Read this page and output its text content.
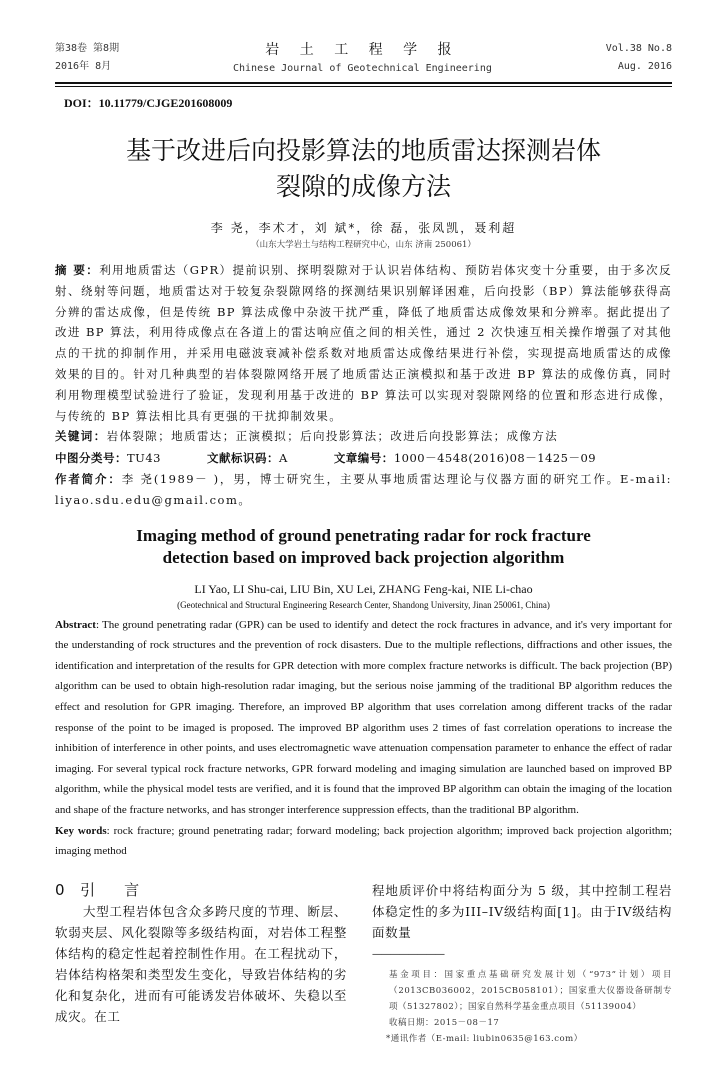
第38卷 第8期
2016年 8月
岩 土 工 程 学 报
Chinese Journal of Geotechnical Engineering
Vol.38 No.8
Aug. 2016
DOI：10.11779/CJGE201608009
基于改进后向投影算法的地质雷达探测岩体裂隙的成像方法
李 尧，李术才，刘 斌*，徐 磊，张凤凯，聂利超
（山东大学岩土与结构工程研究中心，山东 济南 250061）
摘 要：利用地质雷达（GPR）提前识别、探明裂隙对于认识岩体结构、预防岩体灾变十分重要，由于多次反射、绕射等问题，地质雷达对于较复杂裂隙网络的探测结果识别解译困难，后向投影（BP）算法能够获得高分辨的雷达成像，但是传统 BP 算法成像中杂波干扰严重，降低了地质雷达成像效果和分辨率。据此提出了改进 BP 算法，利用待成像点在各道上的雷达响应值之间的相关性，通过 2 次快速互相关操作增强了对其他点的干扰的抑制作用，并采用电磁波衰减补偿系数对地质雷达成像结果进行补偿，实现提高地质雷达的成像效果的目的。针对几种典型的岩体裂隙网络开展了地质雷达正演模拟和基于改进 BP 算法的成像仿真，同时利用物理模型试验进行了验证，发现利用基于改进的 BP 算法可以实现对裂隙网络的位置和形态进行成像，与传统的 BP 算法相比具有更强的干扰抑制效果。
关键词：岩体裂隙；地质雷达；正演模拟；后向投影算法；改进后向投影算法；成像方法
中图分类号：TU43	文献标识码：A	文章编号：1000－4548(2016)08－1425－09
作者简介：李 尧(1989－ )，男，博士研究生，主要从事地质雷达理论与仪器方面的研究工作。E-mail: liyao.sdu.edu@gmail.com。
Imaging method of ground penetrating radar for rock fracture detection based on improved back projection algorithm
LI Yao, LI Shu-cai, LIU Bin, XU Lei, ZHANG Feng-kai, NIE Li-chao
(Geotechnical and Structural Engineering Research Center, Shandong University, Jinan 250061, China)
Abstract: The ground penetrating radar (GPR) can be used to identify and detect the rock fractures in advance, and it's very important for the understanding of rock structures and the prevention of rock disasters. Due to the multiple reflections, diffractions and other issues, the identification and interpretation of the results for GPR detection with more complex fracture networks is difficult. The back projection (BP) algorithm can be used to obtain high-resolution radar imaging, but the serious noise jamming of the traditional BP algorithm reduces the effect and resolution for GPR imaging. Therefore, an improved BP algorithm that uses correlation among different tracks of the radar response of the point to be imaged is proposed. The improved BP algorithm uses 2 times of fast correlation operations to increase the inhibition of interference in other points, and uses electromagnetic wave attenuation compensation parameter to enhance the effect of radar imaging. For several typical rock fracture networks, GPR forward modeling and imaging simulation are launched based on improved BP algorithm, while the physical model tests are verified, and it is found that the improved BP algorithm can obtain the imaging of the location and shape of the fracture networks, and has stronger interference suppression effects, than the traditional BP algorithm.
Key words: rock fracture; ground penetrating radar; forward modeling; back projection algorithm; improved back projection algorithm; imaging method
0  引    言
大型工程岩体包含众多跨尺度的节理、断层、软弱夹层、风化裂隙等多级结构面，对岩体工程整体结构的稳定性起着控制性作用。在工程扰动下，岩体结构格架和类型发生变化，导致岩体结构的劣化和复杂化，进而有可能诱发岩体破坏、失稳以至成灾。在工
程地质评价中将结构面分为 5 级，其中控制工程岩体稳定性的多为III–IV级结构面[1]。由于IV级结构面数量
————————
基金项目：国家重点基础研究发展计划（“973”计划）项目（2013CB036002，2015CB058101）；国家重大仪器设备研制专项（51327802）；国家自然科学基金重点项目（51139004）
收稿日期：2015－08－17
*通讯作者（E-mail: liubin0635@163.com）
